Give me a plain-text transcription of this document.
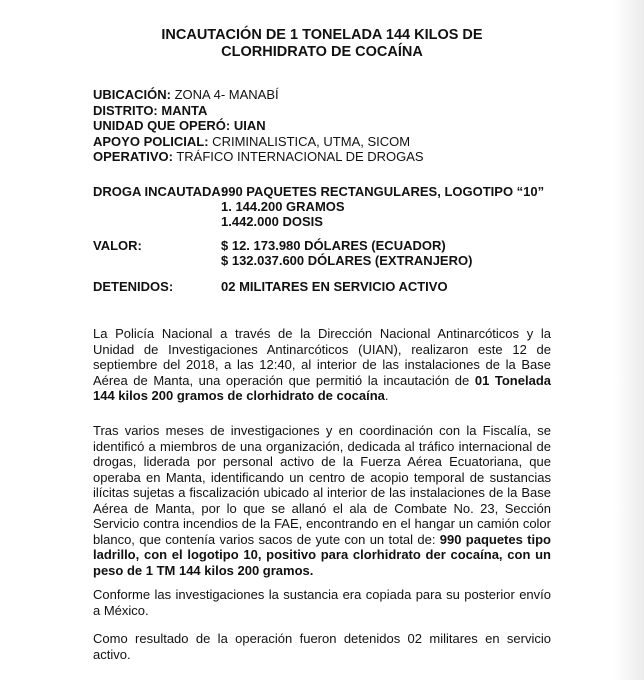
INCAUTACIÓN DE 1 TONELADA 144 KILOS DE
CLORHIDRATO DE COCAÍNA
UBICACIÓN: ZONA 4- MANABÍ
DISTRITO: MANTA
UNIDAD QUE OPERÓ: UIAN
APOYO POLICIAL: CRIMINALISTICA, UTMA, SICOM
OPERATIVO: TRÁFICO INTERNACIONAL DE DROGAS
DROGA INCAUTADA:
990 PAQUETES RECTANGULARES, LOGOTIPO “10”
1. 144.200 GRAMOS
1.442.000 DOSIS
VALOR:	$ 12. 173.980 DÓLARES (ECUADOR)
$ 132.037.600 DÓLARES (EXTRANJERO)
DETENIDOS:	02 MILITARES EN SERVICIO ACTIVO
La Policía Nacional a través de la Dirección Nacional Antinarcóticos y la Unidad de Investigaciones Antinarcóticos (UIAN), realizaron este 12 de septiembre del 2018, a las 12:40, al interior de las instalaciones de la Base Aérea de Manta, una operación que permitió la incautación de 01 Tonelada 144 kilos 200 gramos de clorhidrato de cocaína.
Tras varios meses de investigaciones y en coordinación con la Fiscalía, se identificó a miembros de una organización, dedicada al tráfico internacional de drogas, liderada por personal activo de la Fuerza Aérea Ecuatoriana, que operaba en Manta, identificando un centro de acopio temporal de sustancias ilícitas sujetas a fiscalización ubicado al interior de las instalaciones de la Base Aérea de Manta, por lo que se allanó el ala de Combate No. 23, Sección Servicio contra incendios de la FAE, encontrando en el hangar un camión color blanco, que contenía varios sacos de yute con un total de: 990 paquetes tipo ladrillo, con el logotipo 10, positivo para clorhidrato der cocaína, con un peso de 1 TM 144 kilos 200 gramos.
Conforme las investigaciones la sustancia era copiada para su posterior envío a México.
Como resultado de la operación fueron detenidos 02 militares en servicio activo.
